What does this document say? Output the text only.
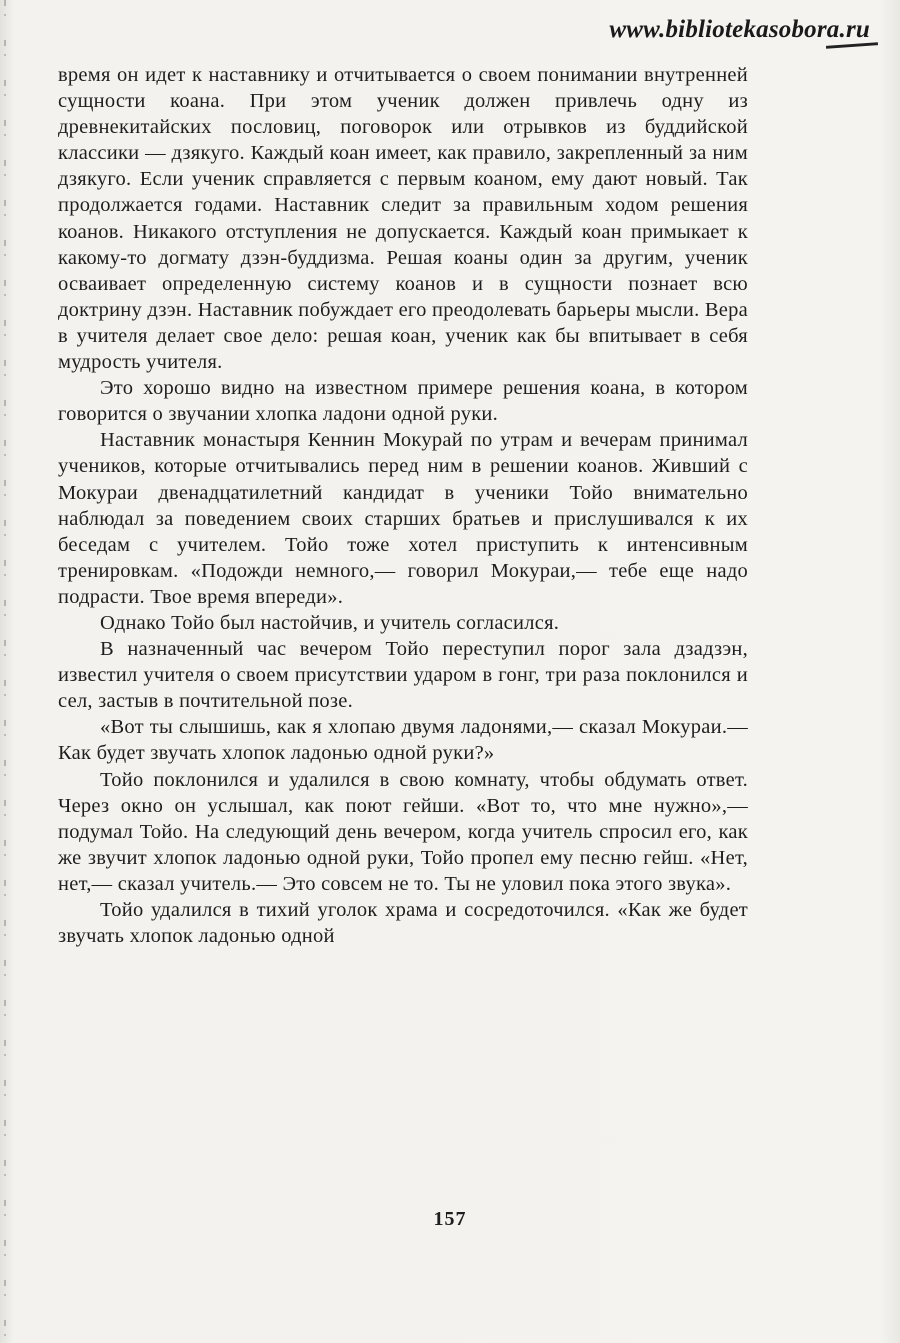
www.bibliotekasobora.ru

время он идет к наставнику и отчитывается о своем понимании внутренней сущности коана. При этом ученик должен привлечь одну из древнекитайских пословиц, поговорок или отрывков из буддийской классики — дзякуго. Каждый коан имеет, как правило, закрепленный за ним дзякуго. Если ученик справляется с первым коаном, ему дают новый. Так продолжается годами. Наставник следит за правильным ходом решения коанов. Никакого отступления не допускается. Каждый коан примыкает к какому-то догмату дзэн-буддизма. Решая коаны один за другим, ученик осваивает определенную систему коанов и в сущности познает всю доктрину дзэн. Наставник побуждает его преодолевать барьеры мысли. Вера в учителя делает свое дело: решая коан, ученик как бы впитывает в себя мудрость учителя.

Это хорошо видно на известном примере решения коана, в котором говорится о звучании хлопка ладони одной руки.

Наставник монастыря Кеннин Мокурай по утрам и вечерам принимал учеников, которые отчитывались перед ним в решении коанов. Живший с Мокураи двенадцатилетний кандидат в ученики Тойо внимательно наблюдал за поведением своих старших братьев и прислушивался к их беседам с учителем. Тойо тоже хотел приступить к интенсивным тренировкам. «Подожди немного,— говорил Мокураи,— тебе еще надо подрасти. Твое время впереди».

Однако Тойо был настойчив, и учитель согласился.

В назначенный час вечером Тойо переступил порог зала дзадзэн, известил учителя о своем присутствии ударом в гонг, три раза поклонился и сел, застыв в почтительной позе.

«Вот ты слышишь, как я хлопаю двумя ладонями,— сказал Мокураи.— Как будет звучать хлопок ладонью одной руки?»

Тойо поклонился и удалился в свою комнату, чтобы обдумать ответ. Через окно он услышал, как поют гейши. «Вот то, что мне нужно»,— подумал Тойо. На следующий день вечером, когда учитель спросил его, как же звучит хлопок ладонью одной руки, Тойо пропел ему песню гейш. «Нет, нет,— сказал учитель.— Это совсем не то. Ты не уловил пока этого звука».

Тойо удалился в тихий уголок храма и сосредоточился. «Как же будет звучать хлопок ладонью одной

157
